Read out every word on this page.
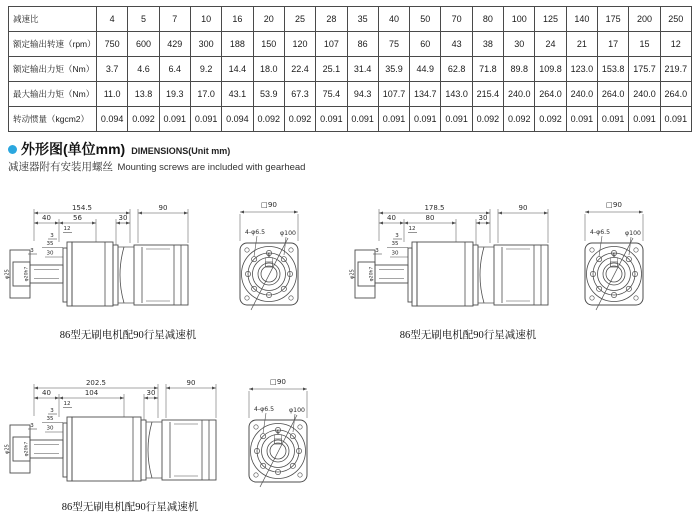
减速比	4	5	7	10	16	20	25	28	35	40	50	70	80	100	125	140	175	200	250
额定输出转速（rpm）	750	600	429	300	188	150	120	107	86	75	60	43	38	30	24	21	17	15	12
额定输出力矩（Nm）	3.7	4.6	6.4	9.2	14.4	18.0	22.4	25.1	31.4	35.9	44.9	62.8	71.8	89.8	109.8	123.0	153.8	175.7	219.7
最大输出力矩（Nm）	11.0	13.8	19.3	17.0	43.1	53.9	67.3	75.4	94.3	107.7	134.7	143.0	215.4	240.0	264.0	240.0	264.0	240.0	264.0
转动惯量（kgcm2）	0.094	0.092	0.091	0.091	0.094	0.092	0.092	0.091	0.091	0.091	0.091	0.091	0.092	0.092	0.092	0.091	0.091	0.091	0.091
外形图(单位mm) DIMENSIONS(Unit mm)
减速器附有安装用螺丝 Mounting screws are included with gearhead
φ25	φ20h7
154.5	90
40	56	30
12
3
35
3 30
□90
6
4-φ6.5 φ100
86型无刷电机配90行星减速机
φ25	φ20h7
178.5	90
40	80	30
12
3
35
3 30
□90
6
4-φ6.5 φ100
86型无刷电机配90行星减速机
φ25	φ20h7
202.5	90
40	104	30
12
3
35
3 30
□90
6
4-φ6.5 φ100
86型无刷电机配90行星减速机
